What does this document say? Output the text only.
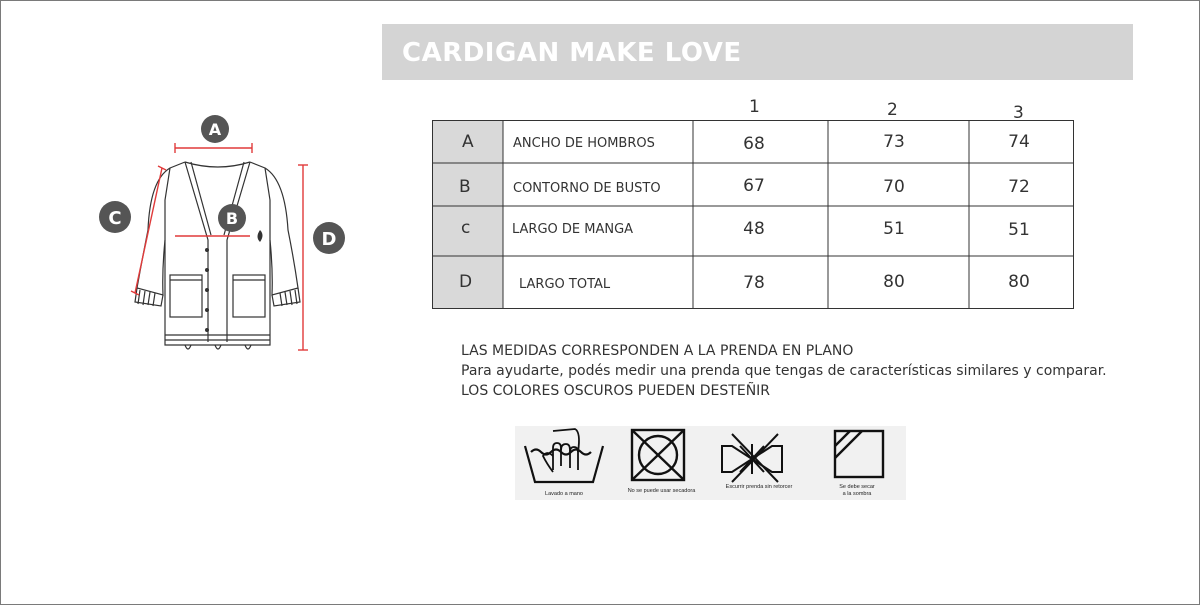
CARDIGAN MAKE LOVE
A
B
C
D
1	2	3
A	ANCHO DE HOMBROS	68	73	74
B	CONTORNO DE BUSTO	67	70	72
c	LARGO DE MANGA	48	51	51
D	LARGO TOTAL	78	80	80
LAS MEDIDAS CORRESPONDEN A LA PRENDA EN PLANO
Para ayudarte, podés medir una prenda que tengas de características similares y comparar.
LOS COLORES OSCUROS PUEDEN DESTEÑIR
Lavado a mano	No se puede usar secadora
Escurrir prenda sin retorcer	Se debe secar
a la sombra
